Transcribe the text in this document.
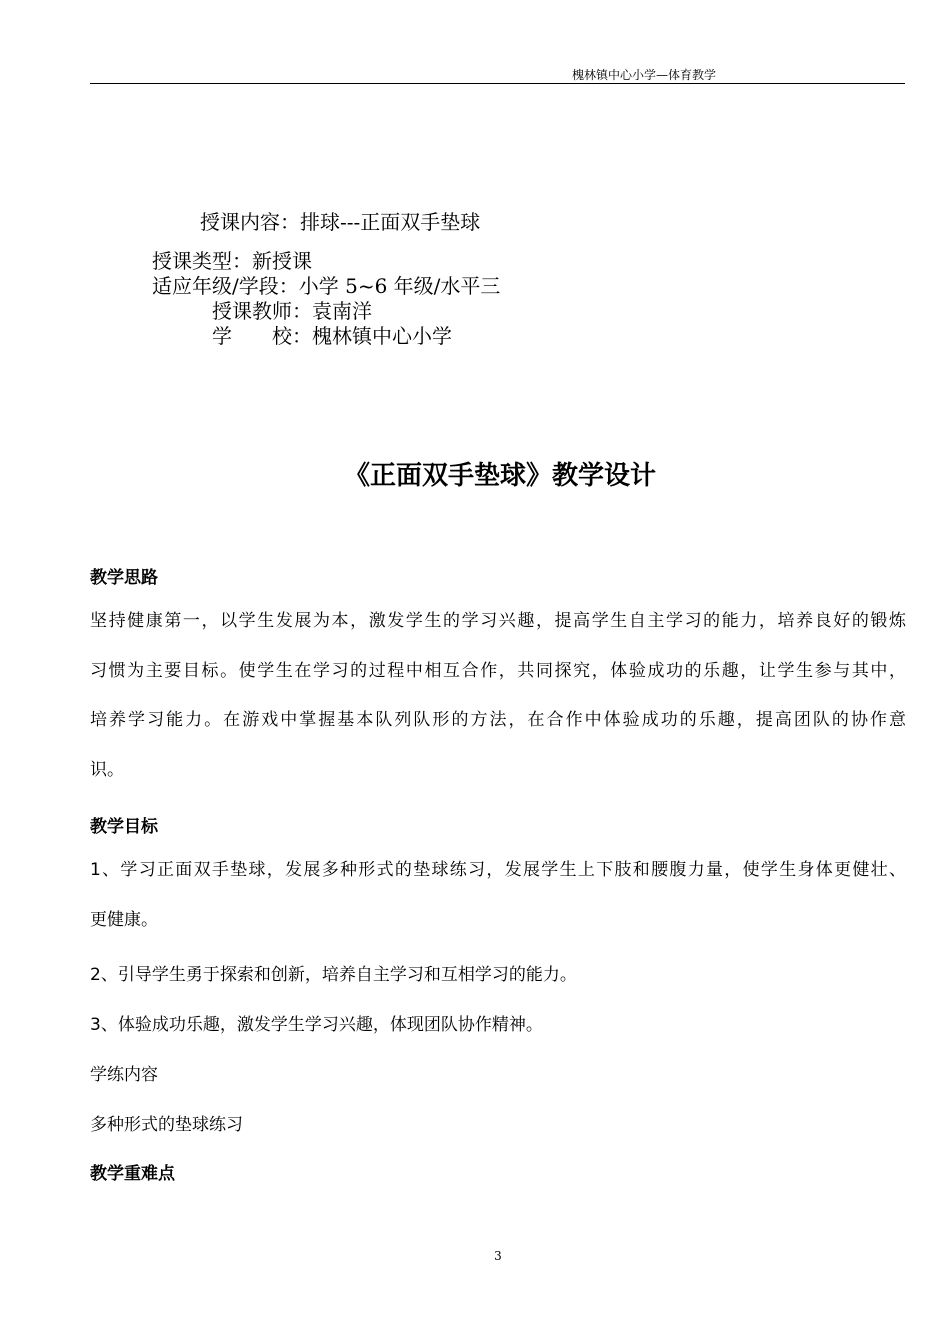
槐林镇中心小学—体育教学
授课内容：排球---正面双手垫球
授课类型：新授课
适应年级/学段：小学 5~6 年级/水平三
授课教师：袁南洋
学　　校：槐林镇中心小学
《正面双手垫球》教学设计
教学思路
坚持健康第一，以学生发展为本，激发学生的学习兴趣，提高学生自主学习的能力，培养良好的锻炼
习惯为主要目标。使学生在学习的过程中相互合作，共同探究，体验成功的乐趣，让学生参与其中，
培养学习能力。在游戏中掌握基本队列队形的方法，在合作中体验成功的乐趣，提高团队的协作意
识。
教学目标
1、学习正面双手垫球，发展多种形式的垫球练习，发展学生上下肢和腰腹力量，使学生身体更健壮、
更健康。
2、引导学生勇于探索和创新，培养自主学习和互相学习的能力。
3、体验成功乐趣，激发学生学习兴趣，体现团队协作精神。
学练内容
多种形式的垫球练习
教学重难点
3
